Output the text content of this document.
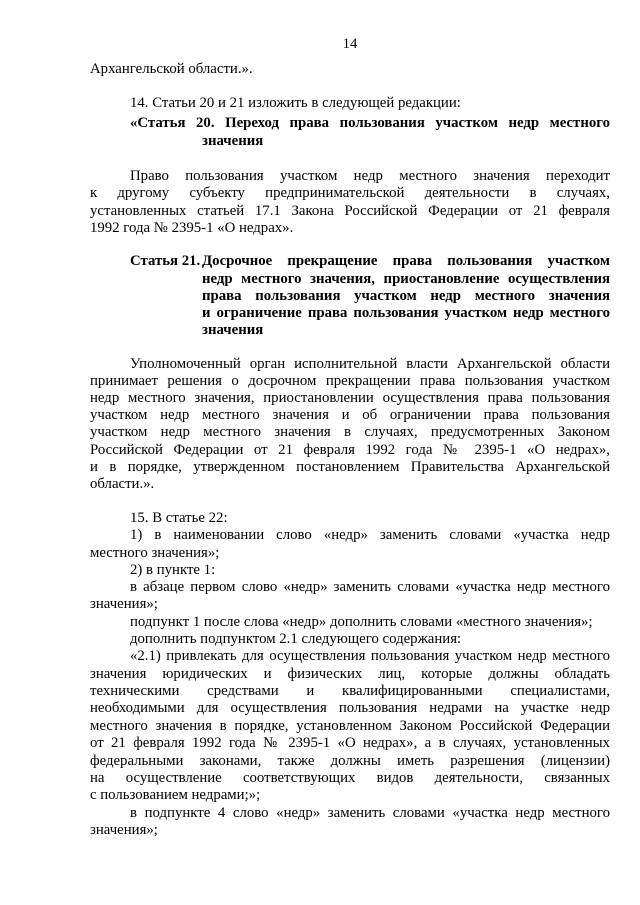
14
Архангельской области.».
14. Статьи 20 и 21 изложить в следующей редакции:
«Статья 20. Переход права пользования участком недр местного
значения
Право пользования участком недр местного значения переходит
к другому субъекту предпринимательской деятельности в случаях,
установленных статьей 17.1 Закона Российской Федерации от 21 февраля
1992 года № 2395-1 «О недрах».
Статья 21. Досрочное прекращение права пользования участком
недр местного значения, приостановление осуществления
права пользования участком недр местного значения
и ограничение права пользования участком недр местного
значения
Уполномоченный орган исполнительной власти Архангельской области
принимает решения о досрочном прекращении права пользования участком
недр местного значения, приостановлении осуществления права пользования
участком недр местного значения и об ограничении права пользования
участком недр местного значения в случаях, предусмотренных Законом
Российской Федерации от 21 февраля 1992 года № 2395-1 «О недрах»,
и в порядке, утвержденном постановлением Правительства Архангельской
области.».
15. В статье 22:
1) в наименовании слово «недр» заменить словами «участка недр
местного значения»;
2) в пункте 1:
в абзаце первом слово «недр» заменить словами «участка недр местного
значения»;
подпункт 1 после слова «недр» дополнить словами «местного значения»;
дополнить подпунктом 2.1 следующего содержания:
«2.1) привлекать для осуществления пользования участком недр местного
значения юридических и физических лиц, которые должны обладать
техническими средствами и квалифицированными специалистами,
необходимыми для осуществления пользования недрами на участке недр
местного значения в порядке, установленном Законом Российской Федерации
от 21 февраля 1992 года № 2395-1 «О недрах», а в случаях, установленных
федеральными законами, также должны иметь разрешения (лицензии)
на осуществление соответствующих видов деятельности, связанных
с пользованием недрами;»;
в подпункте 4 слово «недр» заменить словами «участка недр местного
значения»;
